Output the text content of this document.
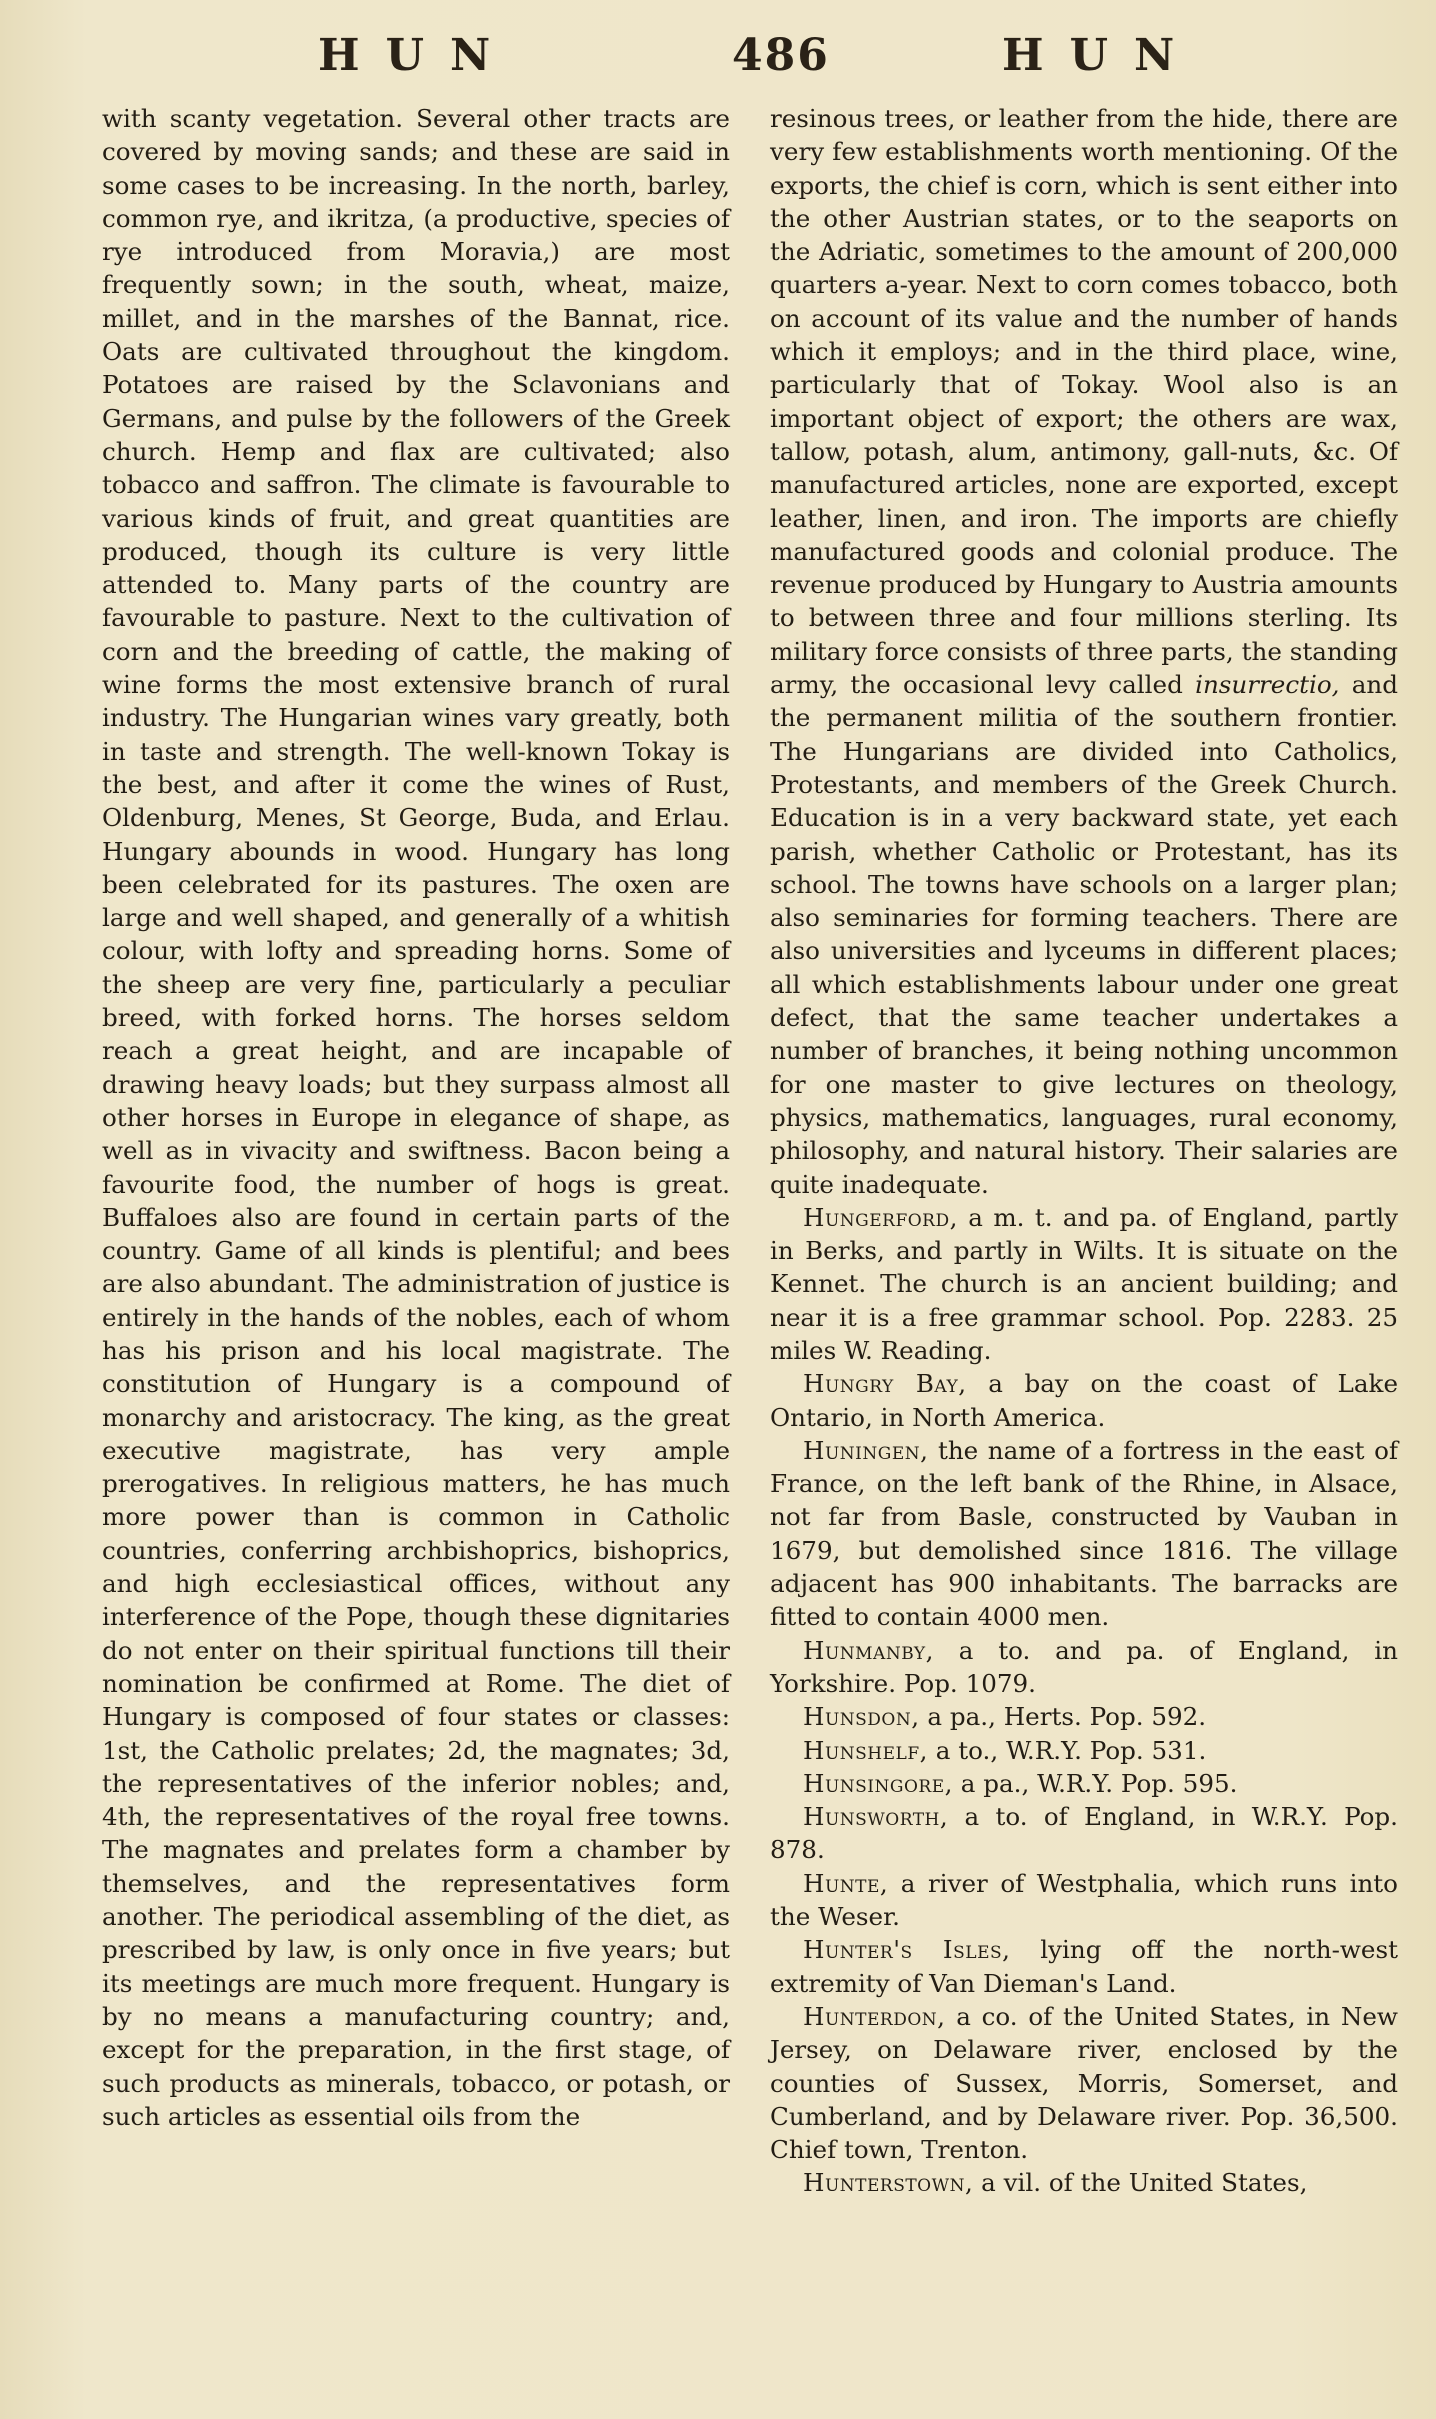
HUN	486	HUN

with scanty vegetation. Several other tracts are covered by moving sands; and these are said in some cases to be increasing. In the north, barley, common rye, and ikritza, (a productive, species of rye introduced from Moravia,) are most frequently sown; in the south, wheat, maize, millet, and in the marshes of the Bannat, rice. Oats are cultivated throughout the kingdom. Potatoes are raised by the Sclavonians and Germans, and pulse by the followers of the Greek church. Hemp and flax are cultivated; also tobacco and saffron. The climate is favourable to various kinds of fruit, and great quantities are produced, though its culture is very little attended to. Many parts of the country are favourable to pasture. Next to the cultivation of corn and the breeding of cattle, the making of wine forms the most extensive branch of rural industry. The Hungarian wines vary greatly, both in taste and strength. The well-known Tokay is the best, and after it come the wines of Rust, Oldenburg, Menes, St George, Buda, and Erlau. Hungary abounds in wood. Hungary has long been celebrated for its pastures. The oxen are large and well shaped, and generally of a whitish colour, with lofty and spreading horns. Some of the sheep are very fine, particularly a peculiar breed, with forked horns. The horses seldom reach a great height, and are incapable of drawing heavy loads; but they surpass almost all other horses in Europe in elegance of shape, as well as in vivacity and swiftness. Bacon being a favourite food, the number of hogs is great. Buffaloes also are found in certain parts of the country. Game of all kinds is plentiful; and bees are also abundant. The administration of justice is entirely in the hands of the nobles, each of whom has his prison and his local magistrate. The constitution of Hungary is a compound of monarchy and aristocracy. The king, as the great executive magistrate, has very ample prerogatives. In religious matters, he has much more power than is common in Catholic countries, conferring archbishoprics, bishoprics, and high ecclesiastical offices, without any interference of the Pope, though these dignitaries do not enter on their spiritual functions till their nomination be confirmed at Rome. The diet of Hungary is composed of four states or classes: 1st, the Catholic prelates; 2d, the magnates; 3d, the representatives of the inferior nobles; and, 4th, the representatives of the royal free towns. The magnates and prelates form a chamber by themselves, and the representatives form another. The periodical assembling of the diet, as prescribed by law, is only once in five years; but its meetings are much more frequent. Hungary is by no means a manufacturing country; and, except for the preparation, in the first stage, of such products as minerals, tobacco, or potash, or such articles as essential oils from the

resinous trees, or leather from the hide, there are very few establishments worth mentioning. Of the exports, the chief is corn, which is sent either into the other Austrian states, or to the seaports on the Adriatic, sometimes to the amount of 200,000 quarters a-year. Next to corn comes tobacco, both on account of its value and the number of hands which it employs; and in the third place, wine, particularly that of Tokay. Wool also is an important object of export; the others are wax, tallow, potash, alum, antimony, gall-nuts, &c. Of manufactured articles, none are exported, except leather, linen, and iron. The imports are chiefly manufactured goods and colonial produce. The revenue produced by Hungary to Austria amounts to between three and four millions sterling. Its military force consists of three parts, the standing army, the occasional levy called insurrectio, and the permanent militia of the southern frontier. The Hungarians are divided into Catholics, Protestants, and members of the Greek Church. Education is in a very backward state, yet each parish, whether Catholic or Protestant, has its school. The towns have schools on a larger plan; also seminaries for forming teachers. There are also universities and lyceums in different places; all which establishments labour under one great defect, that the same teacher undertakes a number of branches, it being nothing uncommon for one master to give lectures on theology, physics, mathematics, languages, rural economy, philosophy, and natural history. Their salaries are quite inadequate.

Hungerford, a m. t. and pa. of England, partly in Berks, and partly in Wilts. It is situate on the Kennet. The church is an ancient building; and near it is a free grammar school. Pop. 2283. 25 miles W. Reading.

Hungry Bay, a bay on the coast of Lake Ontario, in North America.

Huningen, the name of a fortress in the east of France, on the left bank of the Rhine, in Alsace, not far from Basle, constructed by Vauban in 1679, but demolished since 1816. The village adjacent has 900 inhabitants. The barracks are fitted to contain 4000 men.

Hunmanby, a to. and pa. of England, in Yorkshire. Pop. 1079.

Hunsdon, a pa., Herts. Pop. 592.

Hunshelf, a to., W.R.Y. Pop. 531.

Hunsingore, a pa., W.R.Y. Pop. 595.

Hunsworth, a to. of England, in W.R.Y. Pop. 878.

Hunte, a river of Westphalia, which runs into the Weser.

Hunter's Isles, lying off the north-west extremity of Van Dieman's Land.

Hunterdon, a co. of the United States, in New Jersey, on Delaware river, enclosed by the counties of Sussex, Morris, Somerset, and Cumberland, and by Delaware river. Pop. 36,500. Chief town, Trenton.

Hunterstown, a vil. of the United States,
